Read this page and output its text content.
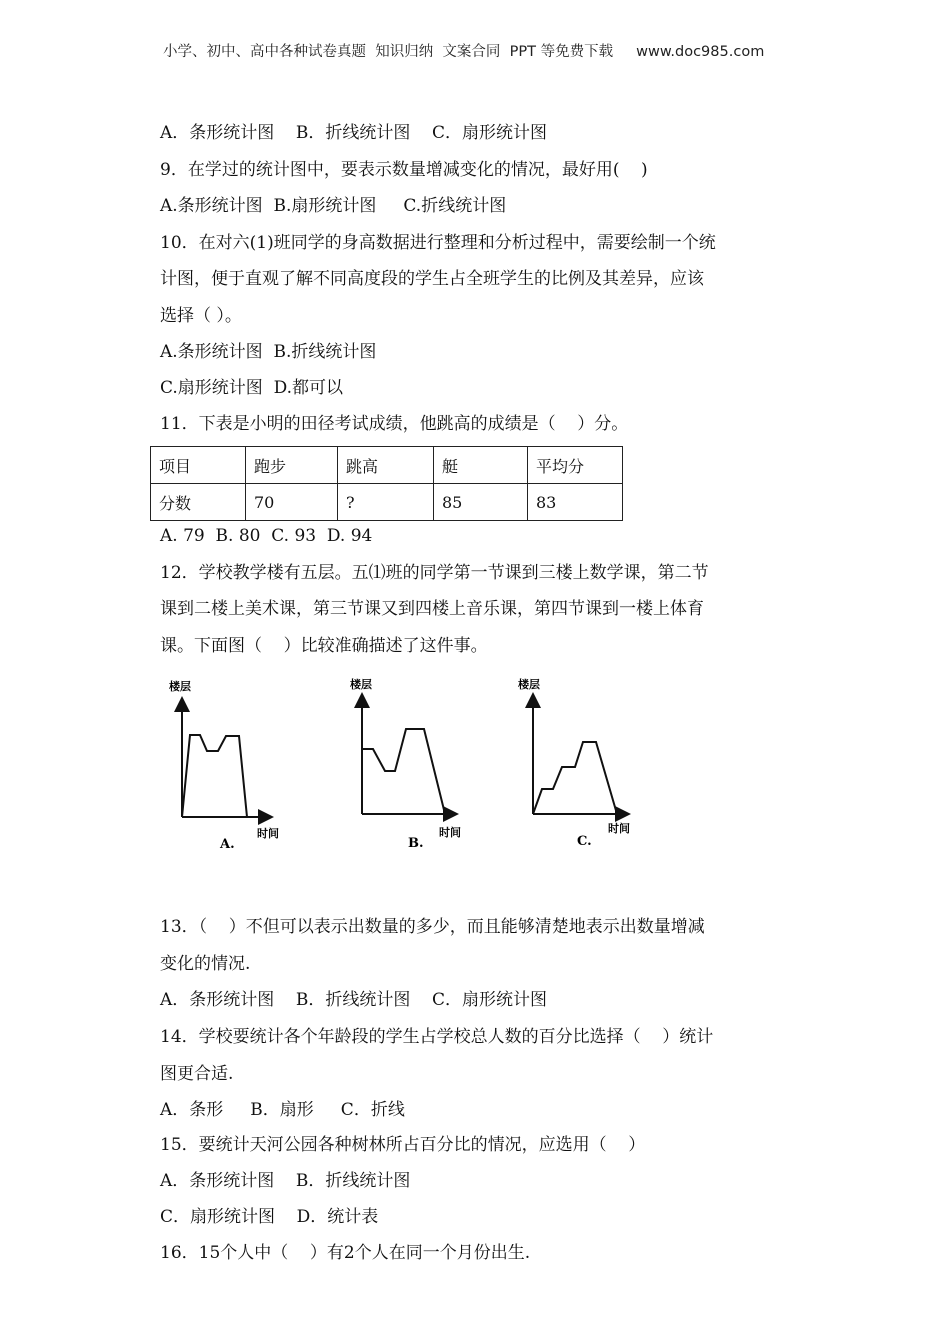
小学、初中、高中各种试卷真题  知识归纳  文案合同  PPT 等免费下载 www.doc985.com
A．条形统计图    B．折线统计图    C．扇形统计图
9．在学过的统计图中，要表示数量增减变化的情况，最好用(    )
A.条形统计图  B.扇形统计图     C.折线统计图
10．在对六(1)班同学的身高数据进行整理和分析过程中，需要绘制一个统
计图，便于直观了解不同高度段的学生占全班学生的比例及其差异，应该
选择（ ）。
A.条形统计图  B.折线统计图
C.扇形统计图  D.都可以
11．下表是小明的田径考试成绩，他跳高的成绩是（    ）分。
项目	跑步	跳高	艇	平均分
分数	70	?	85	83
A. 79  B. 80  C. 93  D. 94
12．学校教学楼有五层。五⑴班的同学第一节课到三楼上数学课，第二节
课到二楼上美术课，第三节课又到四楼上音乐课，第四节课到一楼上体育
课。下面图（    ）比较准确描述了这件事。
楼层	楼层	楼层
时间	时间	时间
A.	B.	C.
13．（    ）不但可以表示出数量的多少，而且能够清楚地表示出数量增减
变化的情况.
A．条形统计图    B．折线统计图    C．扇形统计图
14．学校要统计各个年龄段的学生占学校总人数的百分比选择（    ）统计
图更合适.
A．条形     B．扇形     C．折线
15．要统计天河公园各种树林所占百分比的情况，应选用（    ）
A．条形统计图    B．折线统计图
C．扇形统计图    D．统计表
16．15个人中（    ）有2个人在同一个月份出生.
